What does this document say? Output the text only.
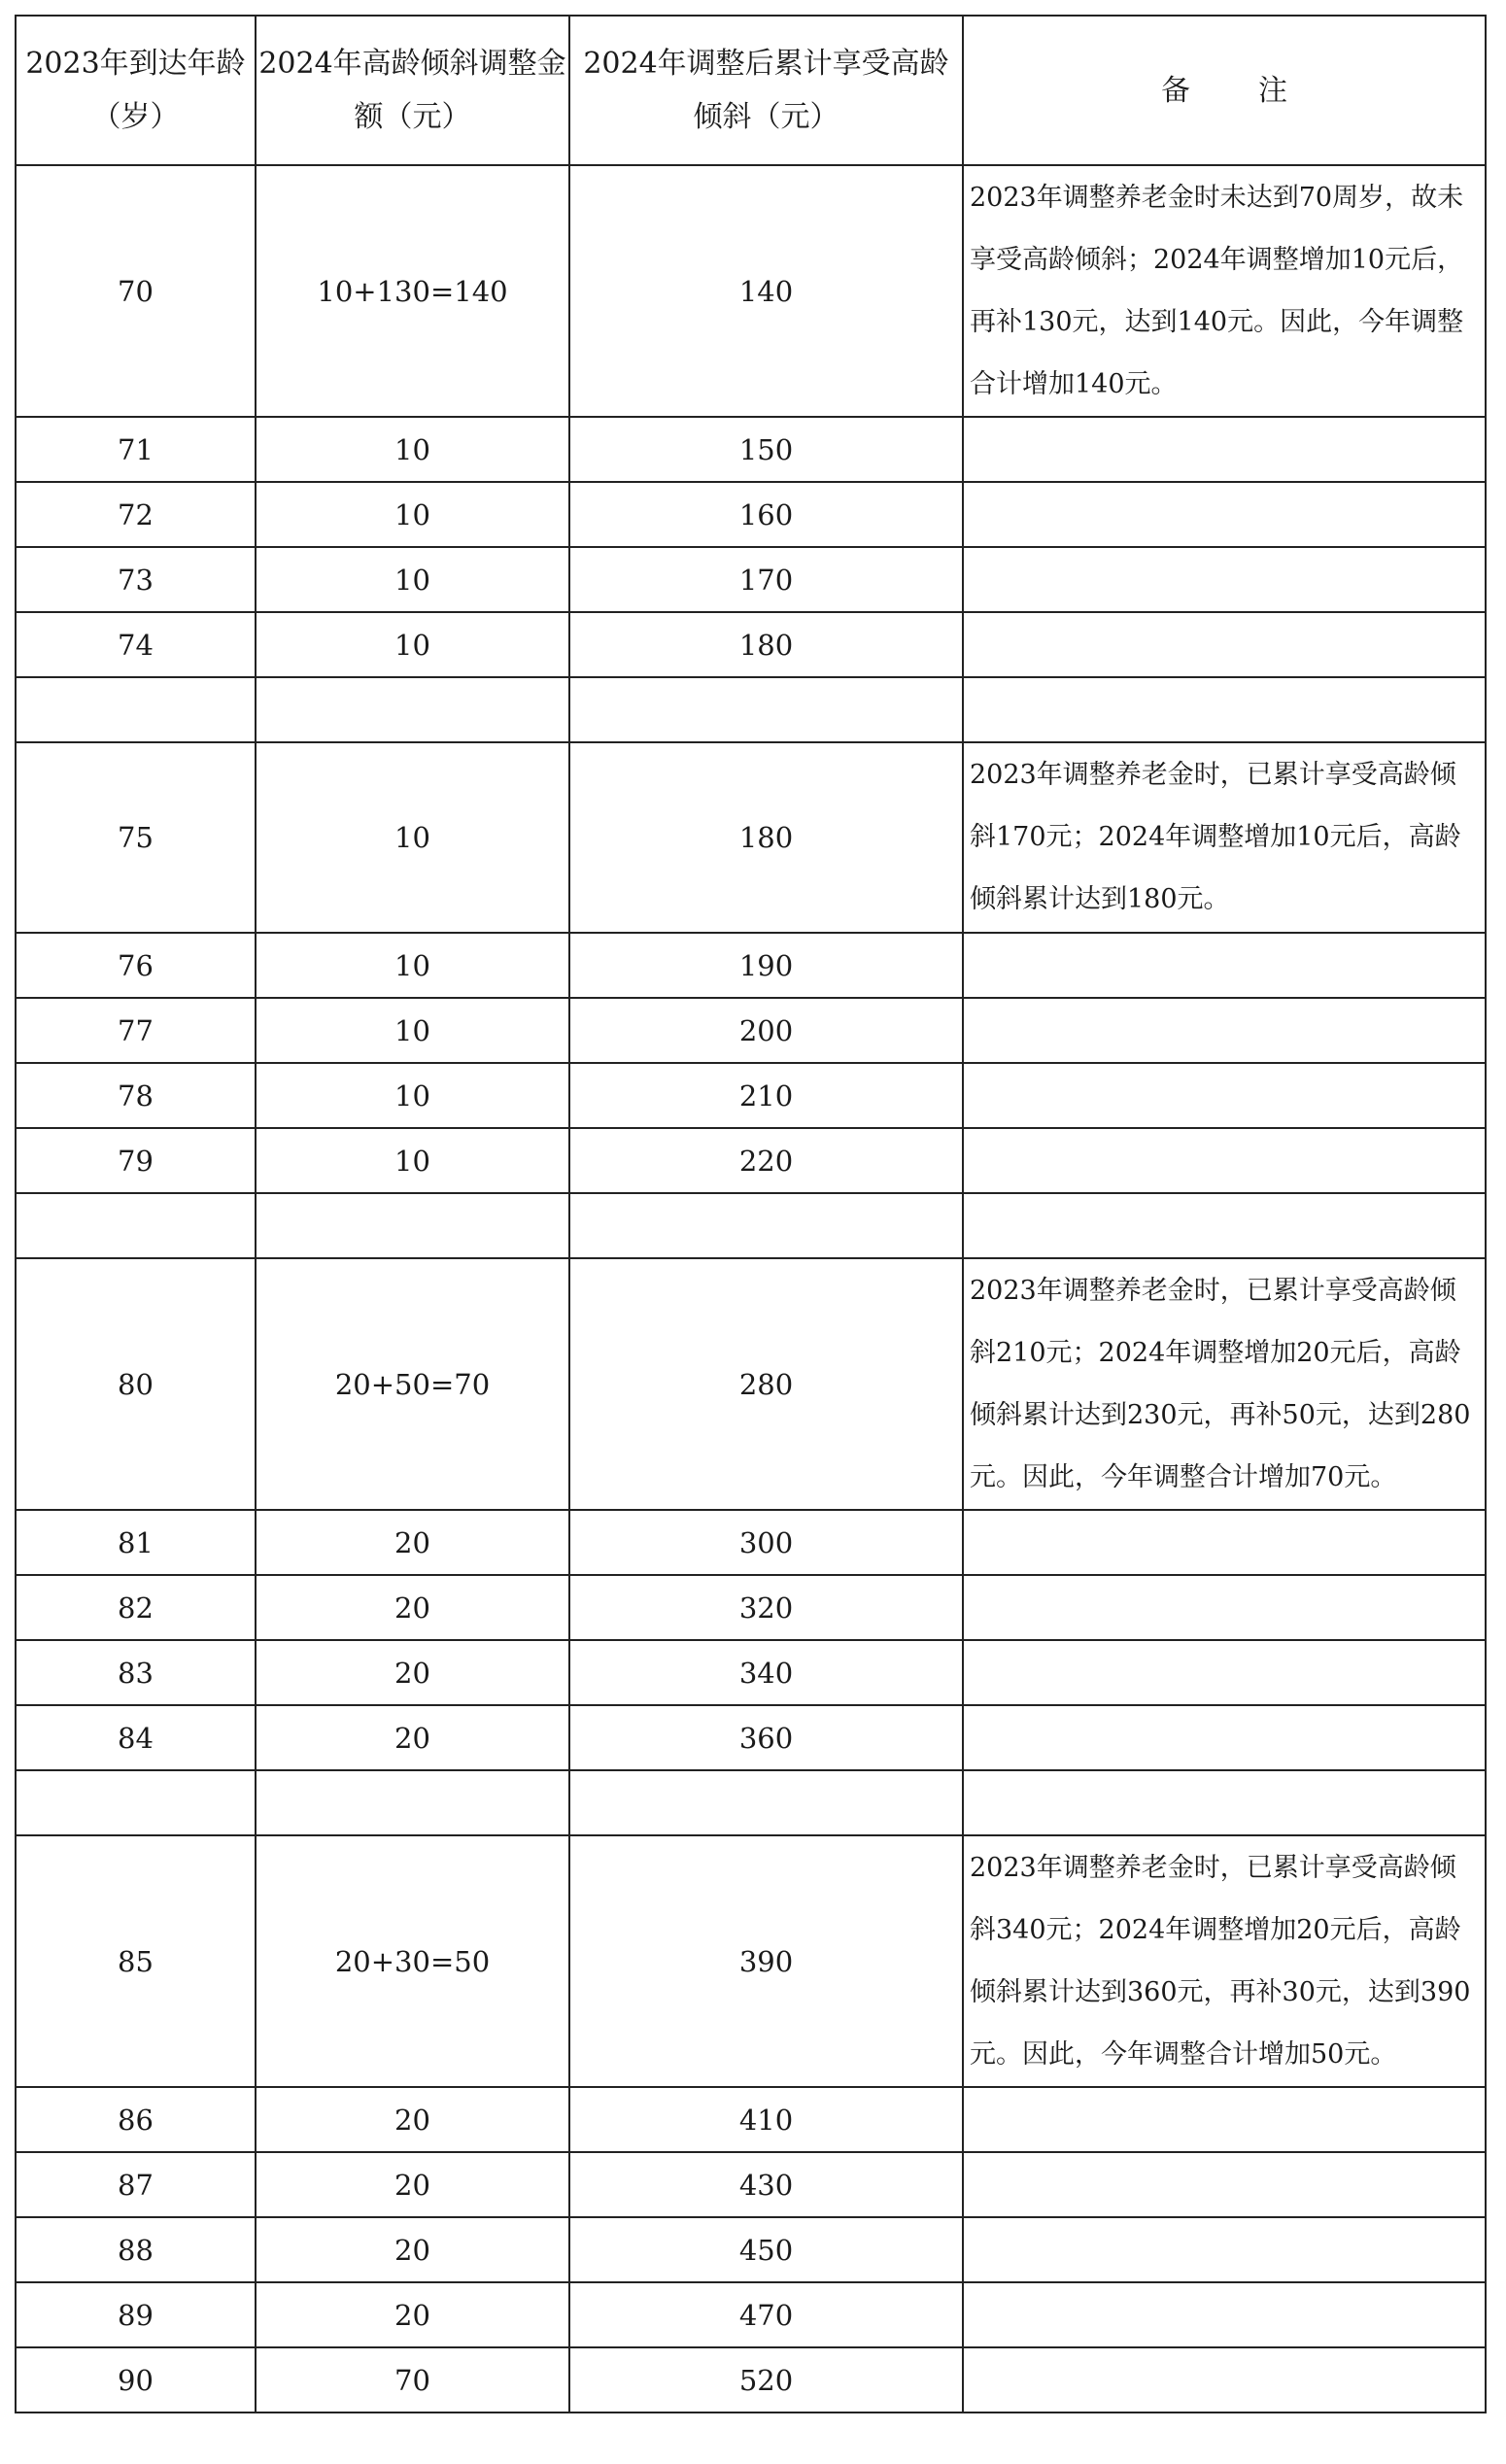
2023年到达年龄（岁）	2024年高龄倾斜调整金额（元）	2024年调整后累计享受高龄倾斜（元）	备 注
70	10+130=140	140	2023年调整养老金时未达到70周岁，故未享受高龄倾斜；2024年调整增加10元后，再补130元，达到140元。因此，今年调整合计增加140元。
71	10	150	
72	10	160	
73	10	170	
74	10	180	

75	10	180	2023年调整养老金时，已累计享受高龄倾斜170元；2024年调整增加10元后，高龄倾斜累计达到180元。
76	10	190	
77	10	200	
78	10	210	
79	10	220	

80	20+50=70	280	2023年调整养老金时，已累计享受高龄倾斜210元；2024年调整增加20元后，高龄倾斜累计达到230元，再补50元，达到280元。因此，今年调整合计增加70元。
81	20	300	
82	20	320	
83	20	340	
84	20	360	

85	20+30=50	390	2023年调整养老金时，已累计享受高龄倾斜340元；2024年调整增加20元后，高龄倾斜累计达到360元，再补30元，达到390元。因此，今年调整合计增加50元。
86	20	410	
87	20	430	
88	20	450	
89	20	470	
90	70	520	
